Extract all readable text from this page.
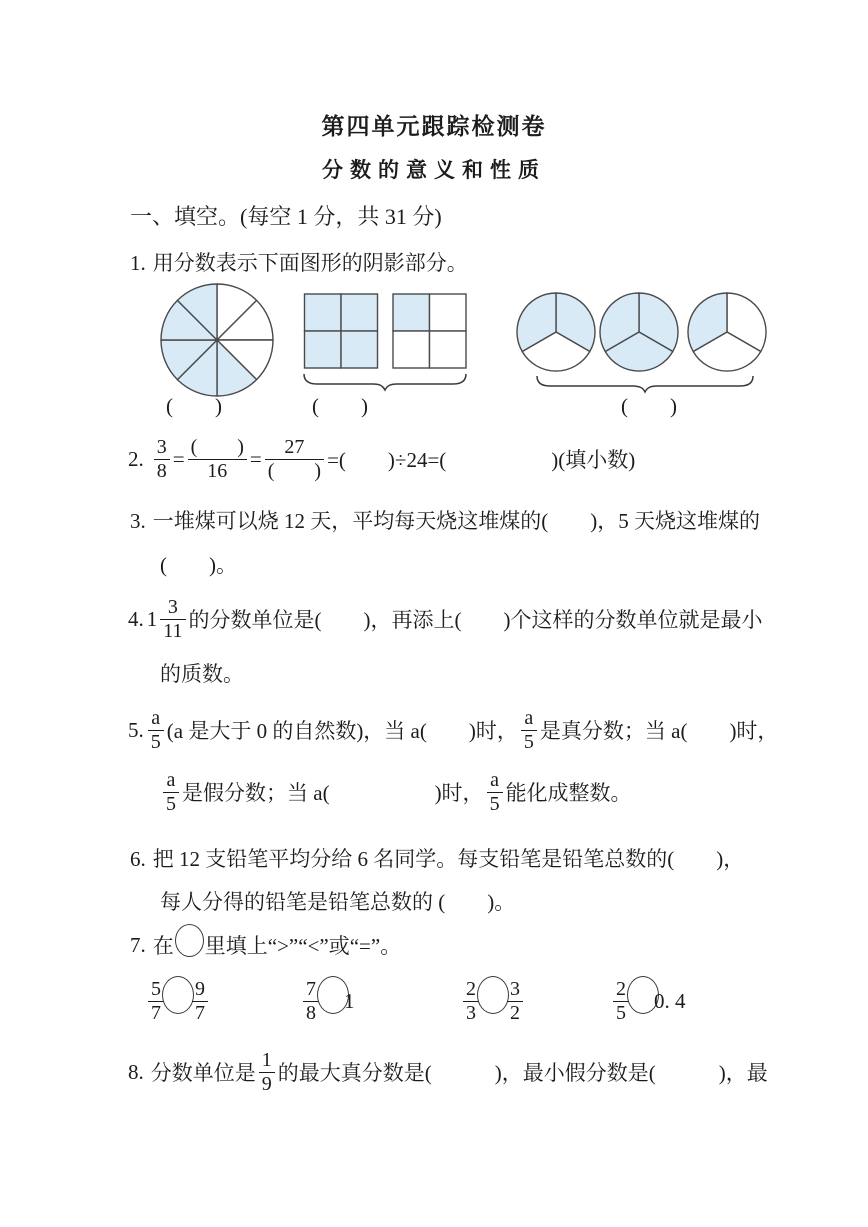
第四单元跟踪检测卷
分数的意义和性质
一、填空。(每空 1 分，共 31 分)
1. 用分数表示下面图形的阴影部分。
(　　)	(　　)	(　　)
2. $\frac{3}{8} = \frac{( )}{16} = \frac{27}{( )}$ =(　　)÷24=(　　　　　)(填小数)
3. 一堆煤可以烧 12 天，平均每天烧这堆煤的(　　)，5 天烧这堆煤的
(　　)。
4. $1 \frac{3}{11}$ 的分数单位是(　　)，再添上(　　)个这样的分数单位就是最小
的质数。
5. $\frac{a}{5} (a$ 是大于 0 的自然数)，当 a(　　)时， $\frac{a}{5}$ 是真分数；当 a(　　)时，
$\frac{a}{5}$ 是假分数；当 a(　　　　　)时， $\frac{a}{5}$ 能化成整数。
6. 把 12 支铅笔平均分给 6 名同学。每支铅笔是铅笔总数的(　　)，
每人分得的铅笔是铅笔总数的 (　　)。
7. 在 里填上“>”“<”或“=”。
$\frac{5}{7} \frac{9}{7}$	$\frac{7}{8} 1$	$\frac{2}{3} \frac{3}{2}$	$\frac{2}{5} 0$. 4
8. 分数单位是 $\frac{1}{9}$ 的最大真分数是(　　　)，最小假分数是(　　　)，最
